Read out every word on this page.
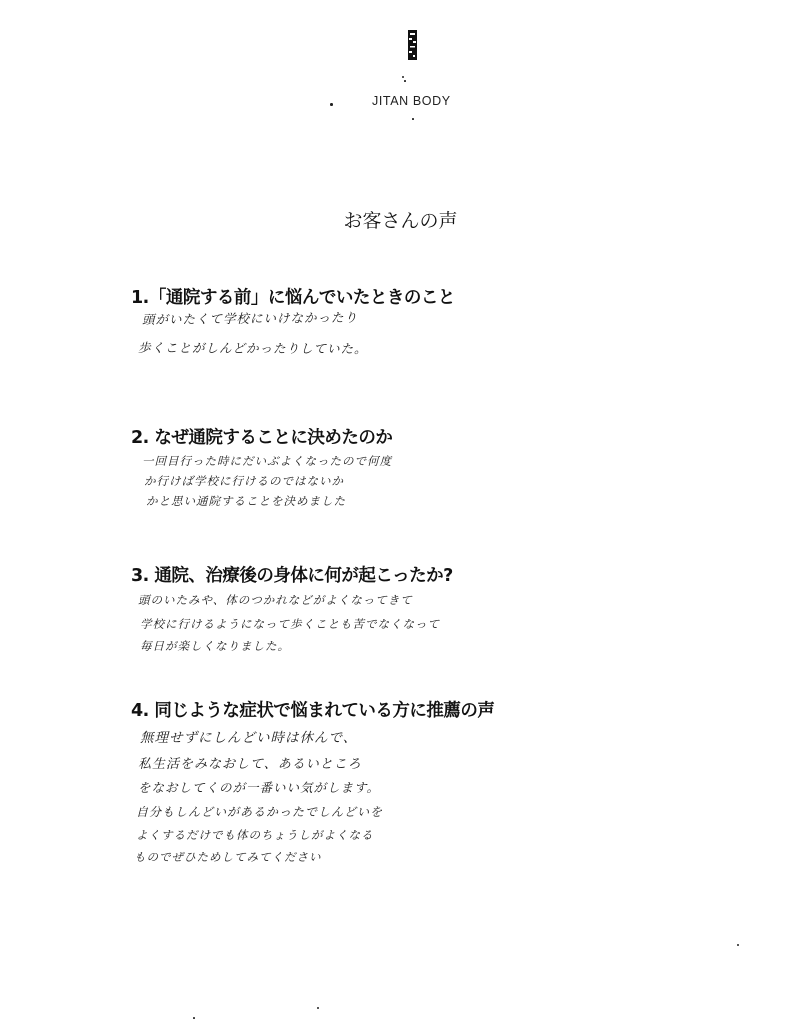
JITAN BODY
お客さんの声
1.「通院する前」に悩んでいたときのこと
頭がいたくて学校にいけなかったり
歩くことがしんどかったりしていた。
2. なぜ通院することに決めたのか
一回目行った時にだいぶよくなったので何度
か行けば学校に行けるのではないか
かと思い通院することを決めました
3. 通院、治療後の身体に何が起こったか?
頭のいたみや、体のつかれなどがよくなってきて
学校に行けるようになって歩くことも苦でなくなって
毎日が楽しくなりました。
4. 同じような症状で悩まれている方に推薦の声
無理せずにしんどい時は休んで、
私生活をみなおして、あるいところ
をなおしてくのが一番いい気がします。
自分もしんどいがあるかったでしんどいを
よくするだけでも体のちょうしがよくなる
ものでぜひためしてみてください
